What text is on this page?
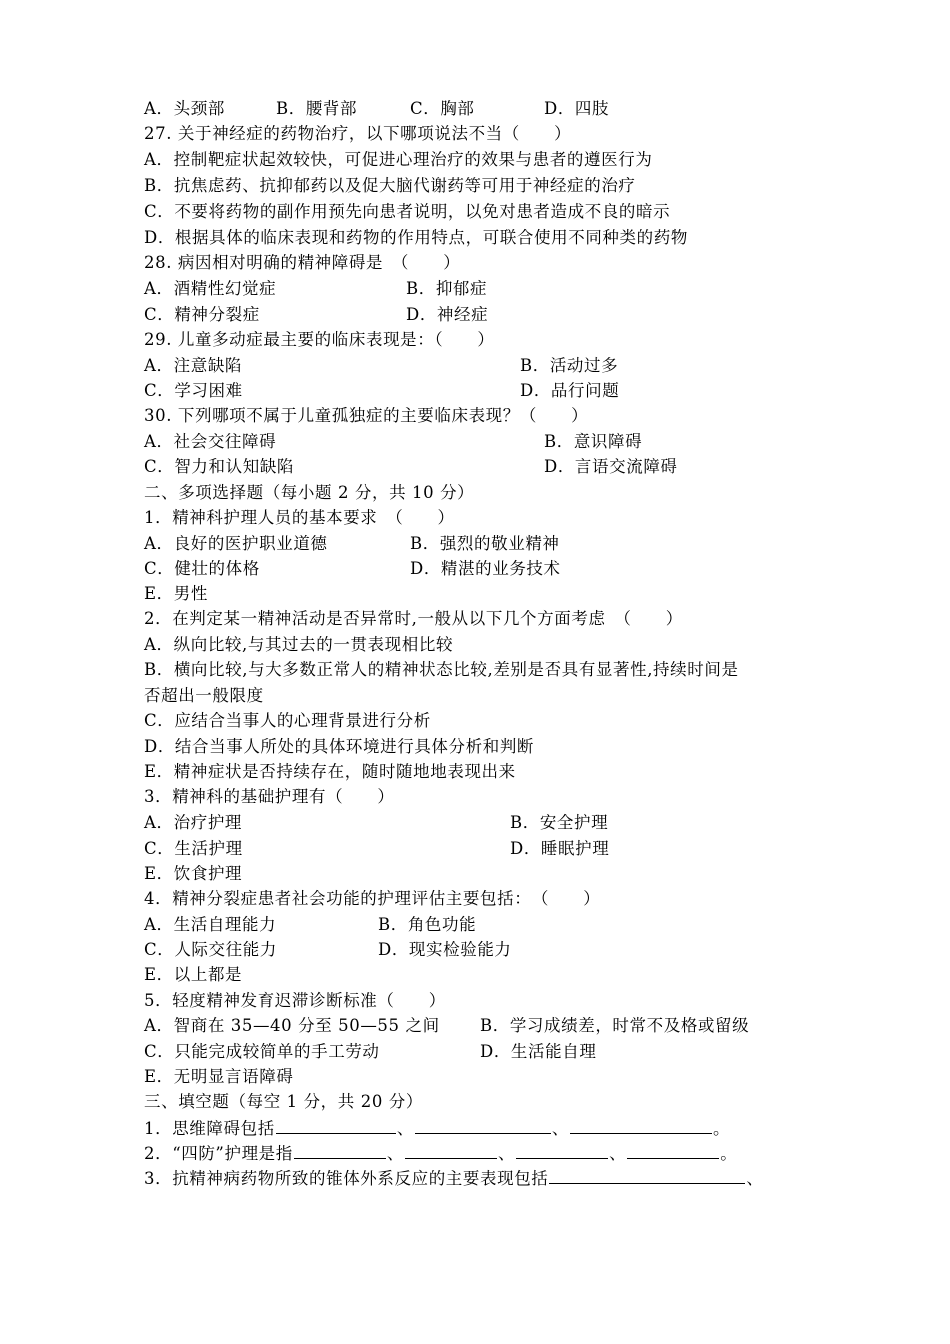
A．头颈部	B．腰背部	C．胸部	D．四肢
27. 关于神经症的药物治疗，以下哪项说法不当（　　）
A．控制靶症状起效较快，可促进心理治疗的效果与患者的遵医行为
B．抗焦虑药、抗抑郁药以及促大脑代谢药等可用于神经症的治疗
C．不要将药物的副作用预先向患者说明，以免对患者造成不良的暗示
D．根据具体的临床表现和药物的作用特点，可联合使用不同种类的药物
28. 病因相对明确的精神障碍是　（　　）
A．酒精性幻觉症	B．抑郁症
C．精神分裂症	D．神经症
29. 儿童多动症最主要的临床表现是：（　　）
A．注意缺陷	B．活动过多
C．学习困难	D．品行问题
30. 下列哪项不属于儿童孤独症的主要临床表现？（　　）
A．社会交往障碍	B．意识障碍
C．智力和认知缺陷	D．言语交流障碍
二、多项选择题（每小题 2 分，共 10 分）
1．精神科护理人员的基本要求　（　　）
A．良好的医护职业道德	B．强烈的敬业精神
C．健壮的体格	D．精湛的业务技术
E．男性
2．在判定某一精神活动是否异常时,一般从以下几个方面考虑　（　　）
A．纵向比较,与其过去的一贯表现相比较
B．横向比较,与大多数正常人的精神状态比较,差别是否具有显著性,持续时间是
否超出一般限度
C．应结合当事人的心理背景进行分析
D．结合当事人所处的具体环境进行具体分析和判断
E．精神症状是否持续存在，随时随地地表现出来
3．精神科的基础护理有（　　）
A．治疗护理	B．安全护理
C．生活护理	D．睡眠护理
E．饮食护理
4．精神分裂症患者社会功能的护理评估主要包括：　（　　）
A．生活自理能力	B．角色功能
C．人际交往能力	D．现实检验能力
E．以上都是
5．轻度精神发育迟滞诊断标准（　　）
A．智商在 35—40 分至 50—55 之间 B．学习成绩差，时常不及格或留级
C．只能完成较简单的手工劳动	D．生活能自理
E．无明显言语障碍
三、填空题（每空 1 分，共 20 分）
1．思维障碍包括	、	、	。
2．“四防”护理是指	、	、	、	。
3．抗精神病药物所致的锥体外系反应的主要表现包括	、
